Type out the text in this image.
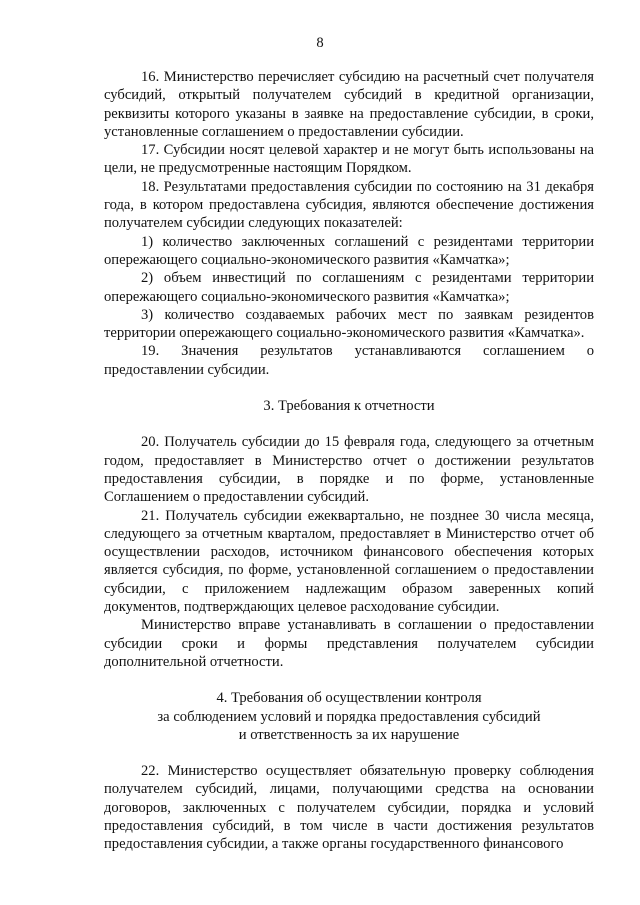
8

16. Министерство перечисляет субсидию на расчетный счет получателя субсидий, открытый получателем субсидий в кредитной организации, реквизиты которого указаны в заявке на предоставление субсидии, в сроки, установленные соглашением о предоставлении субсидии.

17. Субсидии носят целевой характер и не могут быть использованы на цели, не предусмотренные настоящим Порядком.

18. Результатами предоставления субсидии по состоянию на 31 декабря года, в котором предоставлена субсидия, являются обеспечение достижения получателем субсидии следующих показателей:

1) количество заключенных соглашений с резидентами территории опережающего социально-экономического развития «Камчатка»;

2) объем инвестиций по соглашениям с резидентами территории опережающего социально-экономического развития «Камчатка»;

3) количество создаваемых рабочих мест по заявкам резидентов территории опережающего социально-экономического развития «Камчатка».

19. Значения результатов устанавливаются соглашением о предоставлении субсидии.

3. Требования к отчетности

20. Получатель субсидии до 15 февраля года, следующего за отчетным годом, предоставляет в Министерство отчет о достижении результатов предоставления субсидии, в порядке и по форме, установленные Соглашением о предоставлении субсидий.

21. Получатель субсидии ежеквартально, не позднее 30 числа месяца, следующего за отчетным кварталом, предоставляет в Министерство отчет об осуществлении расходов, источником финансового обеспечения которых является субсидия, по форме, установленной соглашением о предоставлении субсидии, с приложением надлежащим образом заверенных копий документов, подтверждающих целевое расходование субсидии.

Министерство вправе устанавливать в соглашении о предоставлении субсидии сроки и формы представления получателем субсидии дополнительной отчетности.

4. Требования об осуществлении контроля
за соблюдением условий и порядка предоставления субсидий
и ответственность за их нарушение

22. Министерство осуществляет обязательную проверку соблюдения получателем субсидий, лицами, получающими средства на основании договоров, заключенных с получателем субсидии, порядка и условий предоставления субсидий, в том числе в части достижения результатов предоставления субсидии, а также органы государственного финансового
